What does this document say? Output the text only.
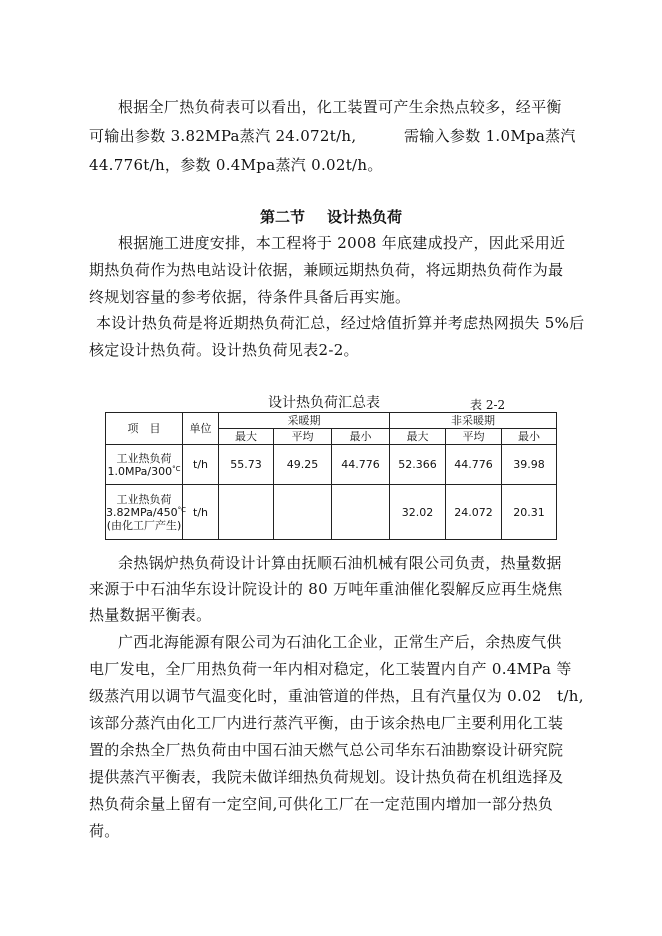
根据全厂热负荷表可以看出，化工装置可产生余热点较多，经平衡
可输出参数 3.82MPa蒸汽 24.072t/h,	需输入参数 1.0Mpa蒸汽
44.776t/h，参数 0.4Mpa蒸汽 0.02t/h。
第二节 设计热负荷
根据施工进度安排，本工程将于 2008 年底建成投产，因此采用近
期热负荷作为热电站设计依据，兼顾远期热负荷，将远期热负荷作为最
终规划容量的参考依据，待条件具备后再实施。
本设计热负荷是将近期热负荷汇总，经过焓值折算并考虑热网损失 5%后
核定设计热负荷。设计热负荷见表2-2。
设计热负荷汇总表	表 2-2
项　目	单位	采暖期			非采暖期		
		最大	平均	最小	最大	平均	最小

工业热负荷
$1.0MPa/300^{^\circ C}$	t/h	55.73	49.25	44.776	52.366	44.776	39.98

工业热负荷
$3.82MPa/450^{^\circ C}$
(由化工厂产生)	t/h				32.02	24.072	20.31
余热锅炉热负荷设计计算由抚顺石油机械有限公司负责，热量数据
来源于中石油华东设计院设计的 80 万吨年重油催化裂解反应再生烧焦
热量数据平衡表。
广西北海能源有限公司为石油化工企业，正常生产后，余热废气供
电厂发电，全厂用热负荷一年内相对稳定，化工装置内自产 0.4MPa 等
级蒸汽用以调节气温变化时，重油管道的伴热，且有汽量仅为 0.02　t/h,
该部分蒸汽由化工厂内进行蒸汽平衡，由于该余热电厂主要利用化工装
置的余热全厂热负荷由中国石油天燃气总公司华东石油勘察设计研究院
提供蒸汽平衡表，我院未做详细热负荷规划。设计热负荷在机组选择及
热负荷余量上留有一定空间,可供化工厂在一定范围内增加一部分热负
荷。
